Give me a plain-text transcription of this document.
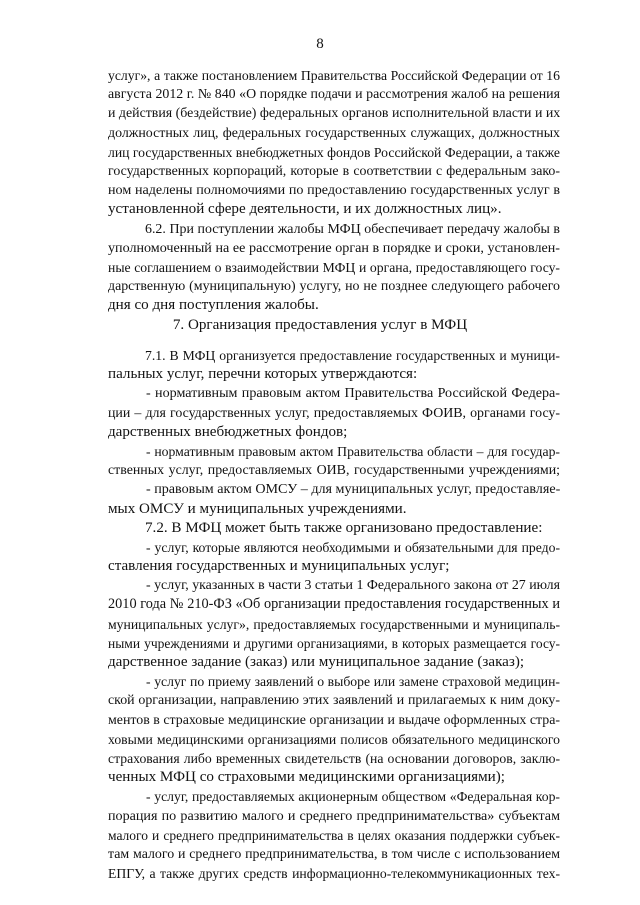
8
услуг», а также постановлением Правительства Российской Федерации от 16
августа 2012 г. № 840 «О порядке подачи и рассмотрения жалоб на решения
и действия (бездействие) федеральных органов исполнительной власти и их
должностных лиц, федеральных государственных служащих, должностных
лиц государственных внебюджетных фондов Российской Федерации, а также
государственных корпораций, которые в соответствии с федеральным зако-
ном наделены полномочиями по предоставлению государственных услуг в
установленной сфере деятельности, и их должностных лиц».
6.2. При поступлении жалобы МФЦ обеспечивает передачу жалобы в
уполномоченный на ее рассмотрение орган в порядке и сроки, установлен-
ные соглашением о взаимодействии МФЦ и органа, предоставляющего госу-
дарственную (муниципальную) услугу, но не позднее следующего рабочего
дня со дня поступления жалобы.
7. Организация предоставления услуг в МФЦ
7.1. В МФЦ организуется предоставление государственных и муници-
пальных услуг, перечни которых утверждаются:
- нормативным правовым актом Правительства Российской Федера-
ции – для государственных услуг, предоставляемых ФОИВ, органами госу-
дарственных внебюджетных фондов;
- нормативным правовым актом Правительства области – для государ-
ственных услуг, предоставляемых ОИВ, государственными учреждениями;
- правовым актом ОМСУ – для муниципальных услуг, предоставляе-
мых ОМСУ и муниципальных учреждениями.
7.2. В МФЦ может быть также организовано предоставление:
- услуг, которые являются необходимыми и обязательными для предо-
ставления государственных и муниципальных услуг;
- услуг, указанных в части 3 статьи 1 Федерального закона от 27 июля
2010 года № 210-ФЗ «Об организации предоставления государственных и
муниципальных услуг», предоставляемых государственными и муниципаль-
ными учреждениями и другими организациями, в которых размещается госу-
дарственное задание (заказ) или муниципальное задание (заказ);
- услуг по приему заявлений о выборе или замене страховой медицин-
ской организации, направлению этих заявлений и прилагаемых к ним доку-
ментов в страховые медицинские организации и выдаче оформленных стра-
ховыми медицинскими организациями полисов обязательного медицинского
страхования либо временных свидетельств (на основании договоров, заклю-
ченных МФЦ со страховыми медицинскими организациями);
- услуг, предоставляемых акционерным обществом «Федеральная кор-
порация по развитию малого и среднего предпринимательства» субъектам
малого и среднего предпринимательства в целях оказания поддержки субъек-
там малого и среднего предпринимательства, в том числе с использованием
ЕПГУ, а также других средств информационно-телекоммуникационных тех-
